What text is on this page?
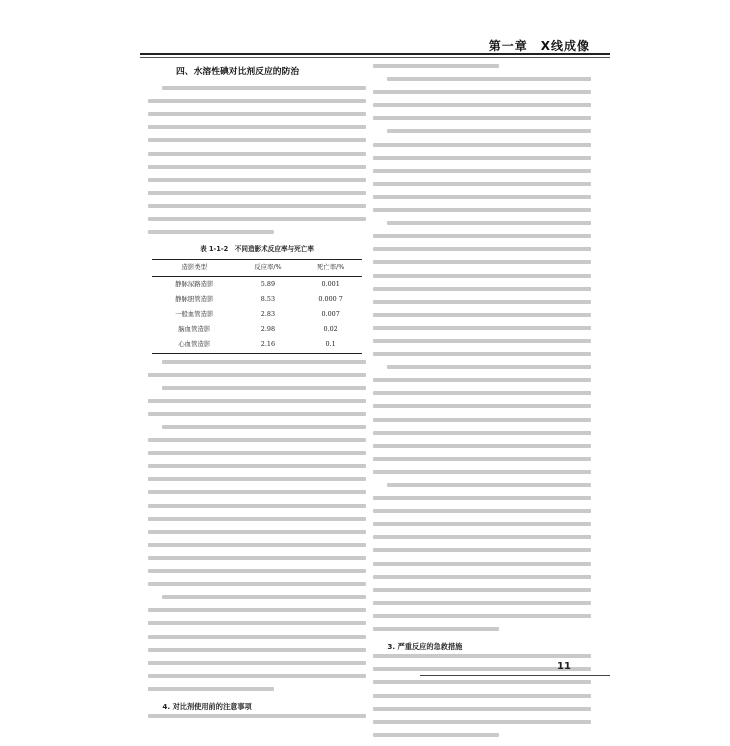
第一章　X线成像
四、水溶性碘对比剂反应的防治
表 1-1-2　不同造影术反应率与死亡率
造影类型	反应率/%	死亡率/%
静脉尿路造影	5.89	0.001
静脉胆管造影	8.53	0.000 7
一般血管造影	2.83	0.007
脑血管造影	2.98	0.02
心血管造影	2.16	0.1
4. 对比剂使用前的注意事项
3. 严重反应的急救措施
11
